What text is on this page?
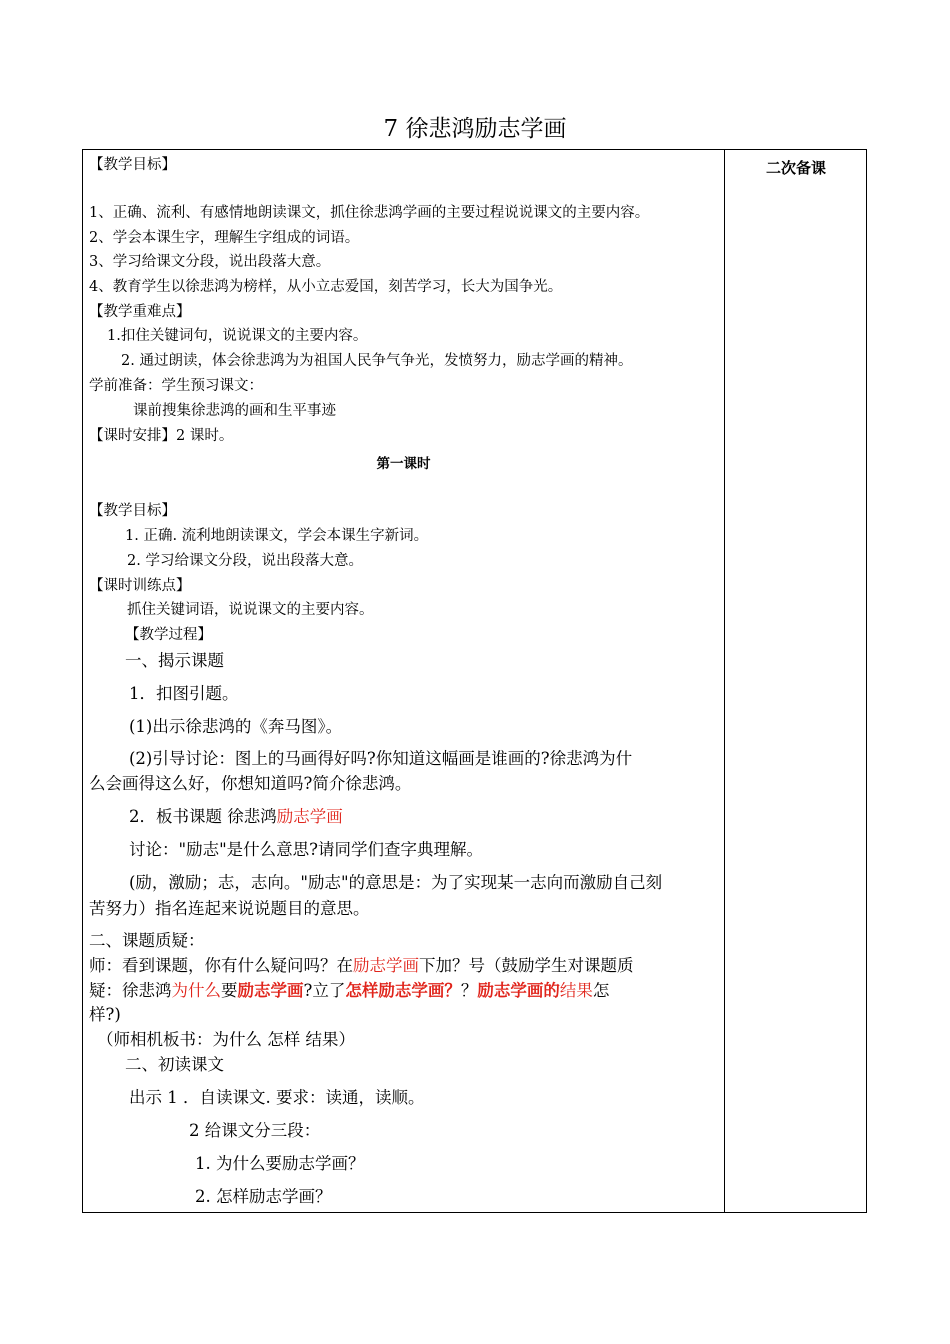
7 徐悲鸿励志学画
二次备课
【教学目标】
1、正确、流利、有感情地朗读课文，抓住徐悲鸿学画的主要过程说说课文的主要内容。
2、学会本课生字，理解生字组成的词语。
3、学习给课文分段，说出段落大意。
4、教育学生以徐悲鸿为榜样，从小立志爱国，刻苦学习，长大为国争光。
【教学重难点】
1.扣住关键词句，说说课文的主要内容。
2. 通过朗读，体会徐悲鸿为为祖国人民争气争光，发愤努力，励志学画的精神。
学前准备：学生预习课文：
课前搜集徐悲鸿的画和生平事迹
【课时安排】2 课时。
第一课时
【教学目标】
1. 正确. 流利地朗读课文，学会本课生字新词。
2. 学习给课文分段，说出段落大意。
【课时训练点】
抓住关键词语，说说课文的主要内容。
【教学过程】
一、揭示课题
1．扣图引题。
(1)出示徐悲鸿的《奔马图》。
(2)引导讨论：图上的马画得好吗?你知道这幅画是谁画的?徐悲鸿为什
么会画得这么好，你想知道吗?简介徐悲鸿。
2．板书课题 徐悲鸿励志学画
讨论："励志"是什么意思?请同学们查字典理解。
(励，激励；志，志向。"励志"的意思是：为了实现某一志向而激励自己刻
苦努力）指名连起来说说题目的意思。
二、课题质疑：
师：看到课题，你有什么疑问吗？在励志学画下加？号（鼓励学生对课题质
疑：徐悲鸿为什么要励志学画?立了怎样励志学画？？励志学画的结果怎
样?)
（师相机板书：为什么 怎样 结果）
二、初读课文
出示 1 ．自读课文. 要求：读通，读顺。
2 给课文分三段：
1. 为什么要励志学画？
2. 怎样励志学画？
